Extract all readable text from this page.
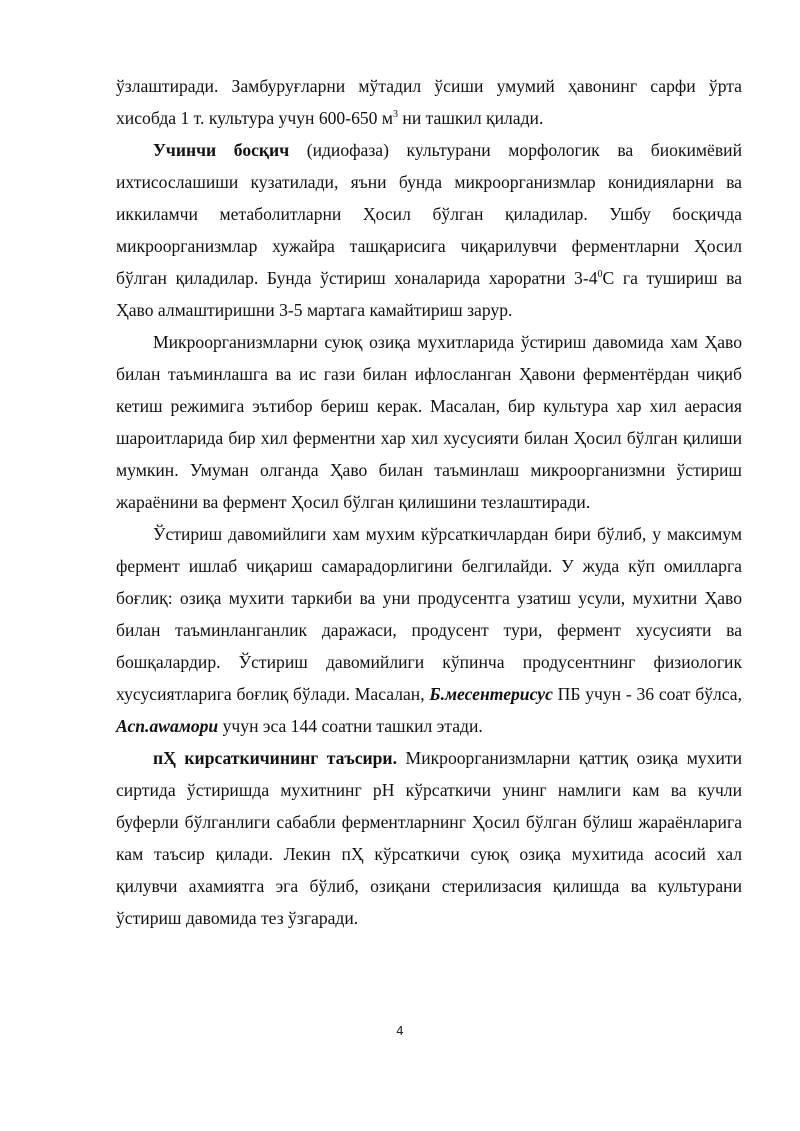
ўзлаштиради. Замбуруғларни мўтадил ўсиши умумий ҳавонинг сарфи ўрта хисобда 1 т. культура учун 600-650 $м^3$ ни ташкил қилади.

Учинчи босқич (идиофаза) культурани морфологик ва биокимёвий ихтисослашиши кузатилади, яъни бунда микроорганизмлар конидияларни ва иккиламчи метаболитларни Ҳосил бўлган қиладилар. Ушбу босқичда микроорганизмлар хужайра ташқарисига чиқарилувчи ферментларни Ҳосил бўлган қиладилар. Бунда ўстириш хоналарида хароратни $3-4^0С$ га тушириш ва Ҳаво алмаштиришни 3-5 мартага камайтириш зарур.

Микроорганизмларни суюқ озиқа мухитларида ўстириш давомида хам Ҳаво билан таъминлашга ва ис гази билан ифлосланган Ҳавони ферментёрдан чиқиб кетиш режимига эътибор бериш керак. Масалан, бир культура хар хил аерасия шароитларида бир хил ферментни хар хил хусусияти билан Ҳосил бўлган қилиши мумкин. Умуман олганда Ҳаво билан таъминлаш микроорганизмни ўстириш жараёнини ва фермент Ҳосил бўлган қилишини тезлаштиради.

Ўстириш давомийлиги хам мухим кўрсаткичлардан бири бўлиб, у максимум фермент ишлаб чиқариш самарадорлигини белгилайди. У жуда кўп омилларга боғлиқ: озиқа мухити таркиби ва уни продусентга узатиш усули, мухитни Ҳаво билан таъминланганлик даражаси, продусент тури, фермент хусусияти ва бошқалардир. Ўстириш давомийлиги кўпинча продусентнинг физиологик хусусиятларига боғлиқ бўлади. Масалан, Б.месентерисус ПБ учун - 36 соат бўлса, Асп.аwамори учун эса 144 соатни ташкил этади.

пҲ кирсаткичининг таъсири. Микроорганизмларни қаттиқ озиқа мухити сиртида ўстиришда мухитнинг рН кўрсаткичи унинг намлиги кам ва кучли буферли бўлганлиги сабабли ферментларнинг Ҳосил бўлган бўлиш жараёнларига кам таъсир қилади. Лекин пҲ кўрсаткичи суюқ озиқа мухитида асосий хал қилувчи ахамиятга эга бўлиб, озиқани стерилизасия қилишда ва культурани ўстириш давомида тез ўзгаради.

4
